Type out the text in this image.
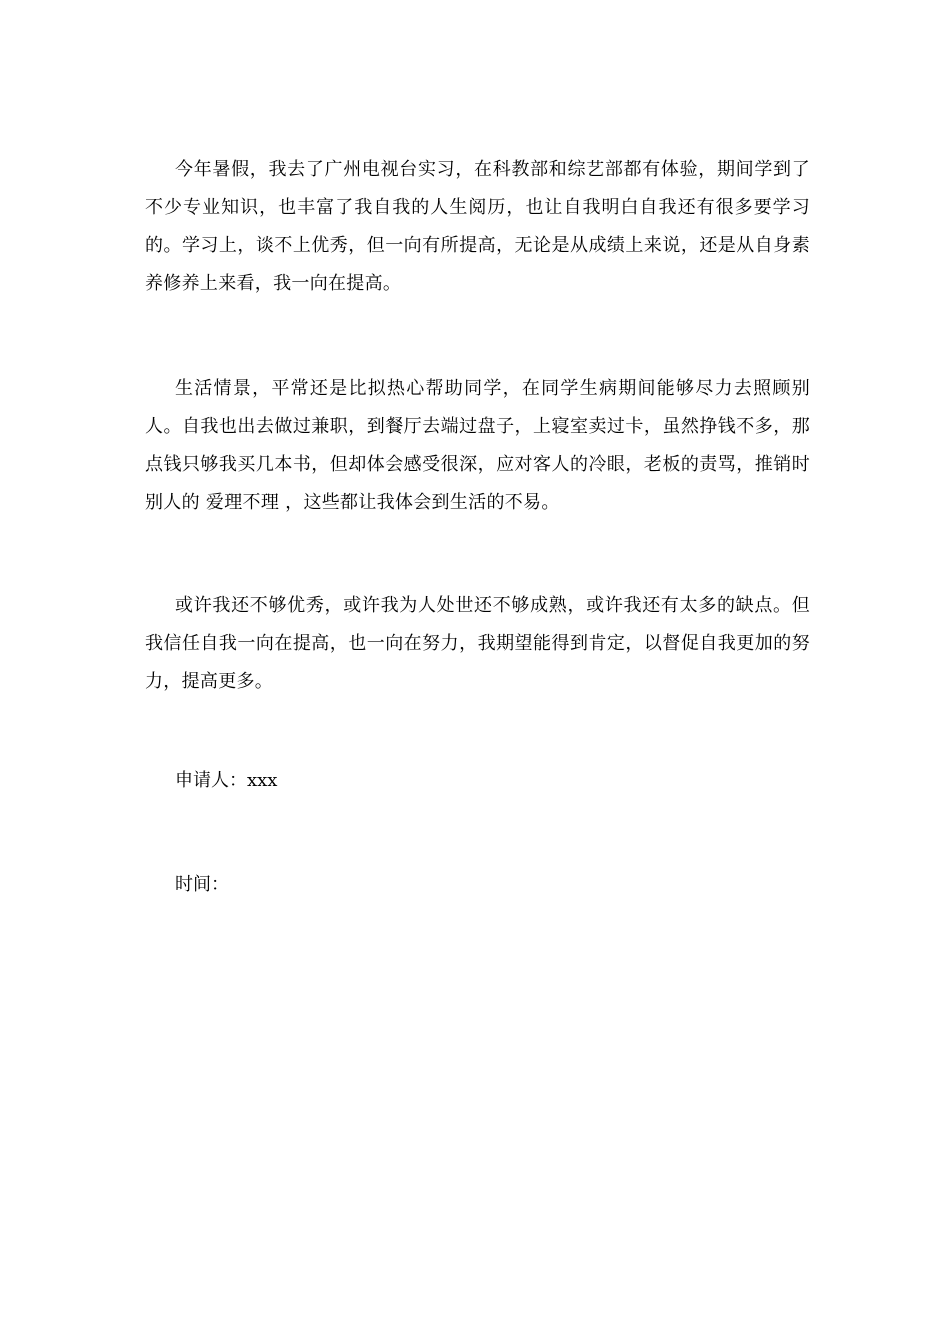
今年暑假，我去了广州电视台实习，在科教部和综艺部都有体验，期间学到了不少专业知识，也丰富了我自我的人生阅历，也让自我明白自我还有很多要学习的。学习上，谈不上优秀，但一向有所提高，无论是从成绩上来说，还是从自身素养修养上来看，我一向在提高。

生活情景，平常还是比拟热心帮助同学，在同学生病期间能够尽力去照顾别人。自我也出去做过兼职，到餐厅去端过盘子，上寝室卖过卡，虽然挣钱不多，那点钱只够我买几本书，但却体会感受很深，应对客人的冷眼，老板的责骂，推销时别人的 爱理不理 ，这些都让我体会到生活的不易。

或许我还不够优秀，或许我为人处世还不够成熟，或许我还有太多的缺点。但我信任自我一向在提高，也一向在努力，我期望能得到肯定，以督促自我更加的努力，提高更多。

申请人：xxx

时间：
